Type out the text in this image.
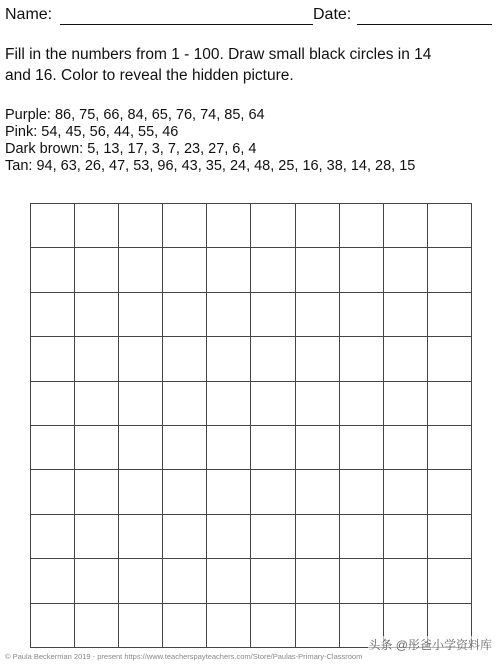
Name:	Date:

Fill in the numbers from 1 - 100. Draw small black circles in 14

and 16. Color to reveal the hidden picture.

Purple: 86, 75, 66, 84, 65, 76, 74, 85, 64
Pink: 54, 45, 56, 44, 55, 46
Dark brown: 5, 13, 17, 3, 7, 23, 27, 6, 4
Tan: 94, 63, 26, 47, 53, 96, 43, 35, 24, 48, 25, 16, 38, 14, 28, 15

© Paula Beckerman 2019 - present https://www.teacherspayteachers.com/Store/Paulas-Primary-Classroom
头条 @彤爸小学资料库
